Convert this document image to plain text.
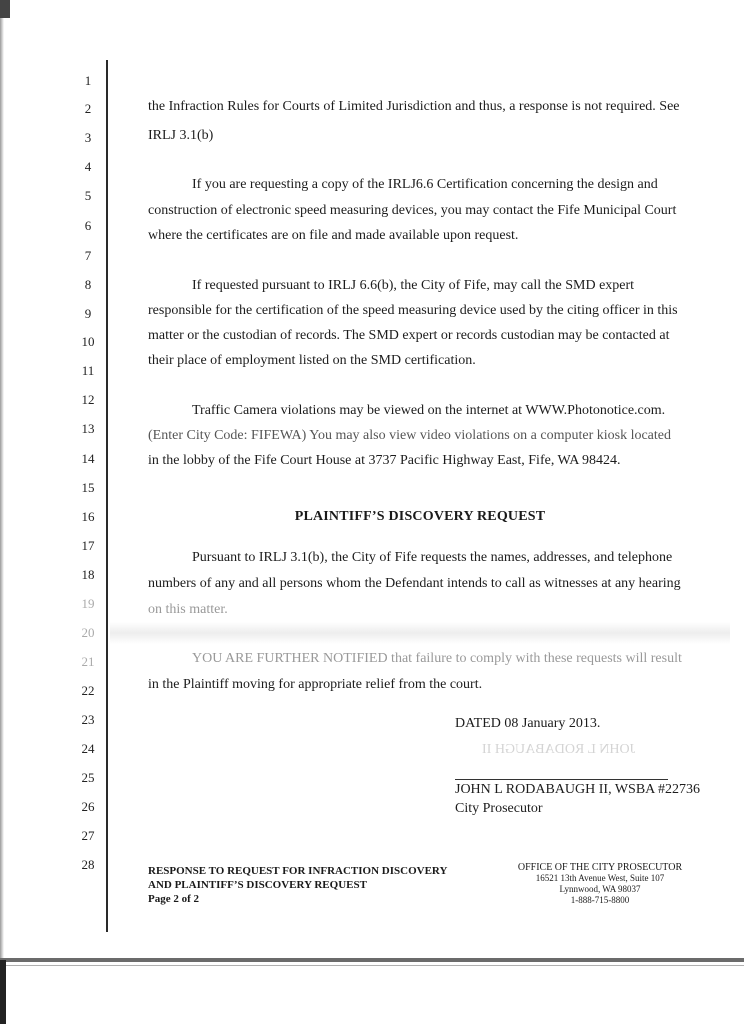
1
2
3
4
5
6
7
8
9
10
11
12
13
14
15
16
17
18
19
20
21
22
23
24
25
26
27
28
the Infraction Rules for Courts of Limited Jurisdiction and thus, a response is not required. See
IRLJ 3.1(b)
If you are requesting a copy of the IRLJ6.6 Certification concerning the design and
construction of electronic speed measuring devices, you may contact the Fife Municipal Court
where the certificates are on file and made available upon request.
If requested pursuant to IRLJ 6.6(b), the City of Fife, may call the SMD expert
responsible for the certification of the speed measuring device used by the citing officer in this
matter or the custodian of records. The SMD expert or records custodian may be contacted at
their place of employment listed on the SMD certification.
Traffic Camera violations may be viewed on the internet at WWW.Photonotice.com.
(Enter City Code: FIFEWA) You may also view video violations on a computer kiosk located
in the lobby of the Fife Court House at 3737 Pacific Highway East, Fife, WA 98424.
PLAINTIFF’S DISCOVERY REQUEST
Pursuant to IRLJ 3.1(b), the City of Fife requests the names, addresses, and telephone
numbers of any and all persons whom the Defendant intends to call as witnesses at any hearing
on this matter.
YOU ARE FURTHER NOTIFIED that failure to comply with these requests will result
in the Plaintiff moving for appropriate relief from the court.
DATED 08 January 2013.
JOHN L RODABAUGH II
JOHN L RODABAUGH II, WSBA #22736
City Prosecutor
RESPONSE TO REQUEST FOR INFRACTION DISCOVERY
AND PLAINTIFF’S DISCOVERY REQUEST
Page 2 of 2
OFFICE OF THE CITY PROSECUTOR
16521 13th Avenue West, Suite 107
Lynnwood, WA 98037
1-888-715-8800
